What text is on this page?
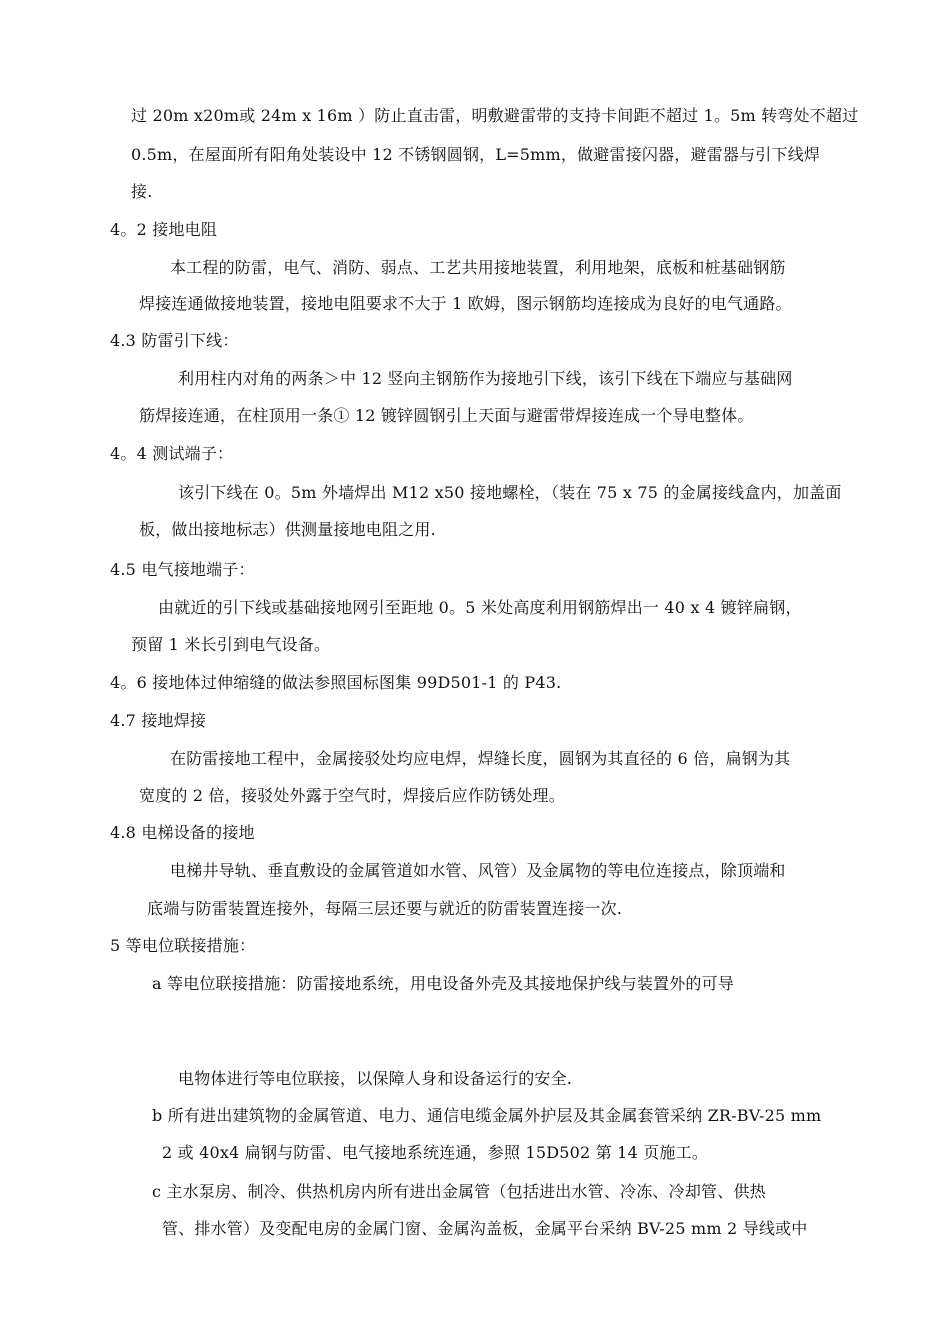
过 20m x20m或 24m x 16m ）防止直击雷，明敷避雷带的支持卡间距不超过 1。5m 转弯处不超过
0.5m，在屋面所有阳角处装设中 12 不锈钢圆钢，L=5mm，做避雷接闪器，避雷器与引下线焊
接.
4。2 接地电阻
本工程的防雷，电气、消防、弱点、工艺共用接地装置，利用地架，底板和桩基础钢筋
焊接连通做接地装置，接地电阻要求不大于 1 欧姆，图示钢筋均连接成为良好的电气通路。
4.3 防雷引下线：
利用柱内对角的两条＞中 12 竖向主钢筋作为接地引下线，该引下线在下端应与基础网
筋焊接连通，在柱顶用一条① 12 镀锌圆钢引上天面与避雷带焊接连成一个导电整体。
4。4 测试端子：
该引下线在 0。5m 外墙焊出 M12 x50 接地螺栓，（装在 75 x 75 的金属接线盒内，加盖面
板，做出接地标志）供测量接地电阻之用.
4.5 电气接地端子：
由就近的引下线或基础接地网引至距地 0。5 米处高度利用钢筋焊出一 40 x 4 镀锌扁钢，
预留 1 米长引到电气设备。
4。6 接地体过伸缩缝的做法参照国标图集 99D501-1 的 P43.
4.7 接地焊接
在防雷接地工程中，金属接驳处均应电焊，焊缝长度，圆钢为其直径的 6 倍，扁钢为其
宽度的 2 倍，接驳处外露于空气时，焊接后应作防锈处理。
4.8 电梯设备的接地
电梯井导轨、垂直敷设的金属管道如水管、风管）及金属物的等电位连接点，除顶端和
底端与防雷装置连接外，每隔三层还要与就近的防雷装置连接一次.
5 等电位联接措施：
a 等电位联接措施：防雷接地系统，用电设备外壳及其接地保护线与装置外的可导
电物体进行等电位联接，以保障人身和设备运行的安全.
b 所有进出建筑物的金属管道、电力、通信电缆金属外护层及其金属套管采纳 ZR-BV-25 mm
2 或 40x4 扁钢与防雷、电气接地系统连通，参照 15D502 第 14 页施工。
c 主水泵房、制冷、供热机房内所有进出金属管（包括进出水管、冷冻、冷却管、供热
管、排水管）及变配电房的金属门窗、金属沟盖板，金属平台采纳 BV-25 mm 2 导线或中
